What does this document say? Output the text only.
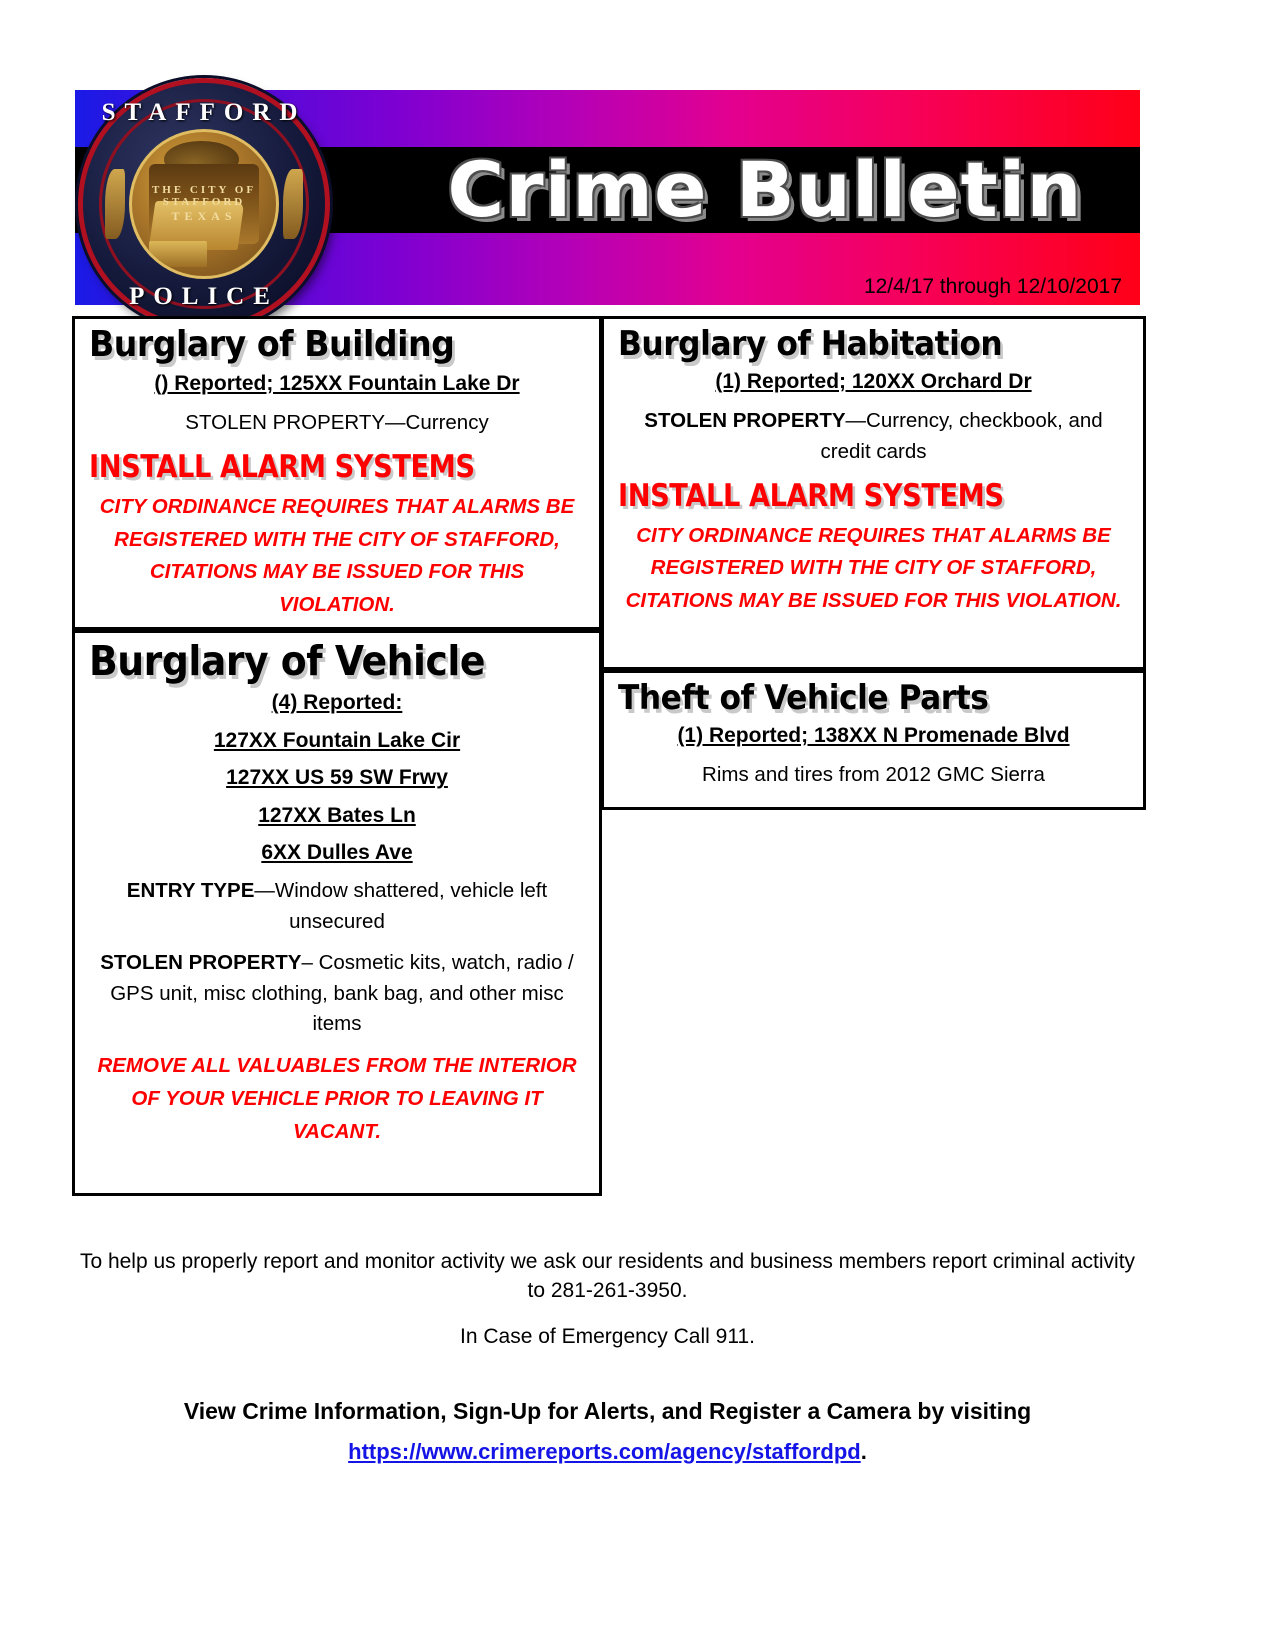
Crime Bulletin
12/4/17 through 12/10/2017
STAFFORD
POLICE
THE CITY OF STAFFORD
TEXAS
Burglary of Building
() Reported; 125XX Fountain Lake Dr
STOLEN PROPERTY—Currency
INSTALL ALARM SYSTEMS
CITY ORDINANCE REQUIRES THAT ALARMS BE REGISTERED WITH THE CITY OF STAFFORD, CITATIONS MAY BE ISSUED FOR THIS VIOLATION.
Burglary of Vehicle
(4) Reported:
127XX Fountain Lake Cir
127XX US 59 SW Frwy
127XX Bates Ln
6XX Dulles Ave
ENTRY TYPE—Window shattered, vehicle left unsecured
STOLEN PROPERTY– Cosmetic kits, watch, radio / GPS unit, misc clothing, bank bag, and other misc items
REMOVE ALL VALUABLES FROM THE INTERIOR OF YOUR VEHICLE PRIOR TO LEAVING IT VACANT.
Burglary of Habitation
(1) Reported; 120XX Orchard Dr
STOLEN PROPERTY—Currency, checkbook, and credit cards
INSTALL ALARM SYSTEMS
CITY ORDINANCE REQUIRES THAT ALARMS BE REGISTERED WITH THE CITY OF STAFFORD, CITATIONS MAY BE ISSUED FOR THIS VIOLATION.
Theft of Vehicle Parts
(1) Reported; 138XX N Promenade Blvd
Rims and tires from 2012 GMC Sierra

To help us properly report and monitor activity we ask our residents and business members report criminal activity to 281-261-3950.

In Case of Emergency Call 911.

View Crime Information, Sign-Up for Alerts, and Register a Camera by visiting

https://www.crimereports.com/agency/staffordpd.
